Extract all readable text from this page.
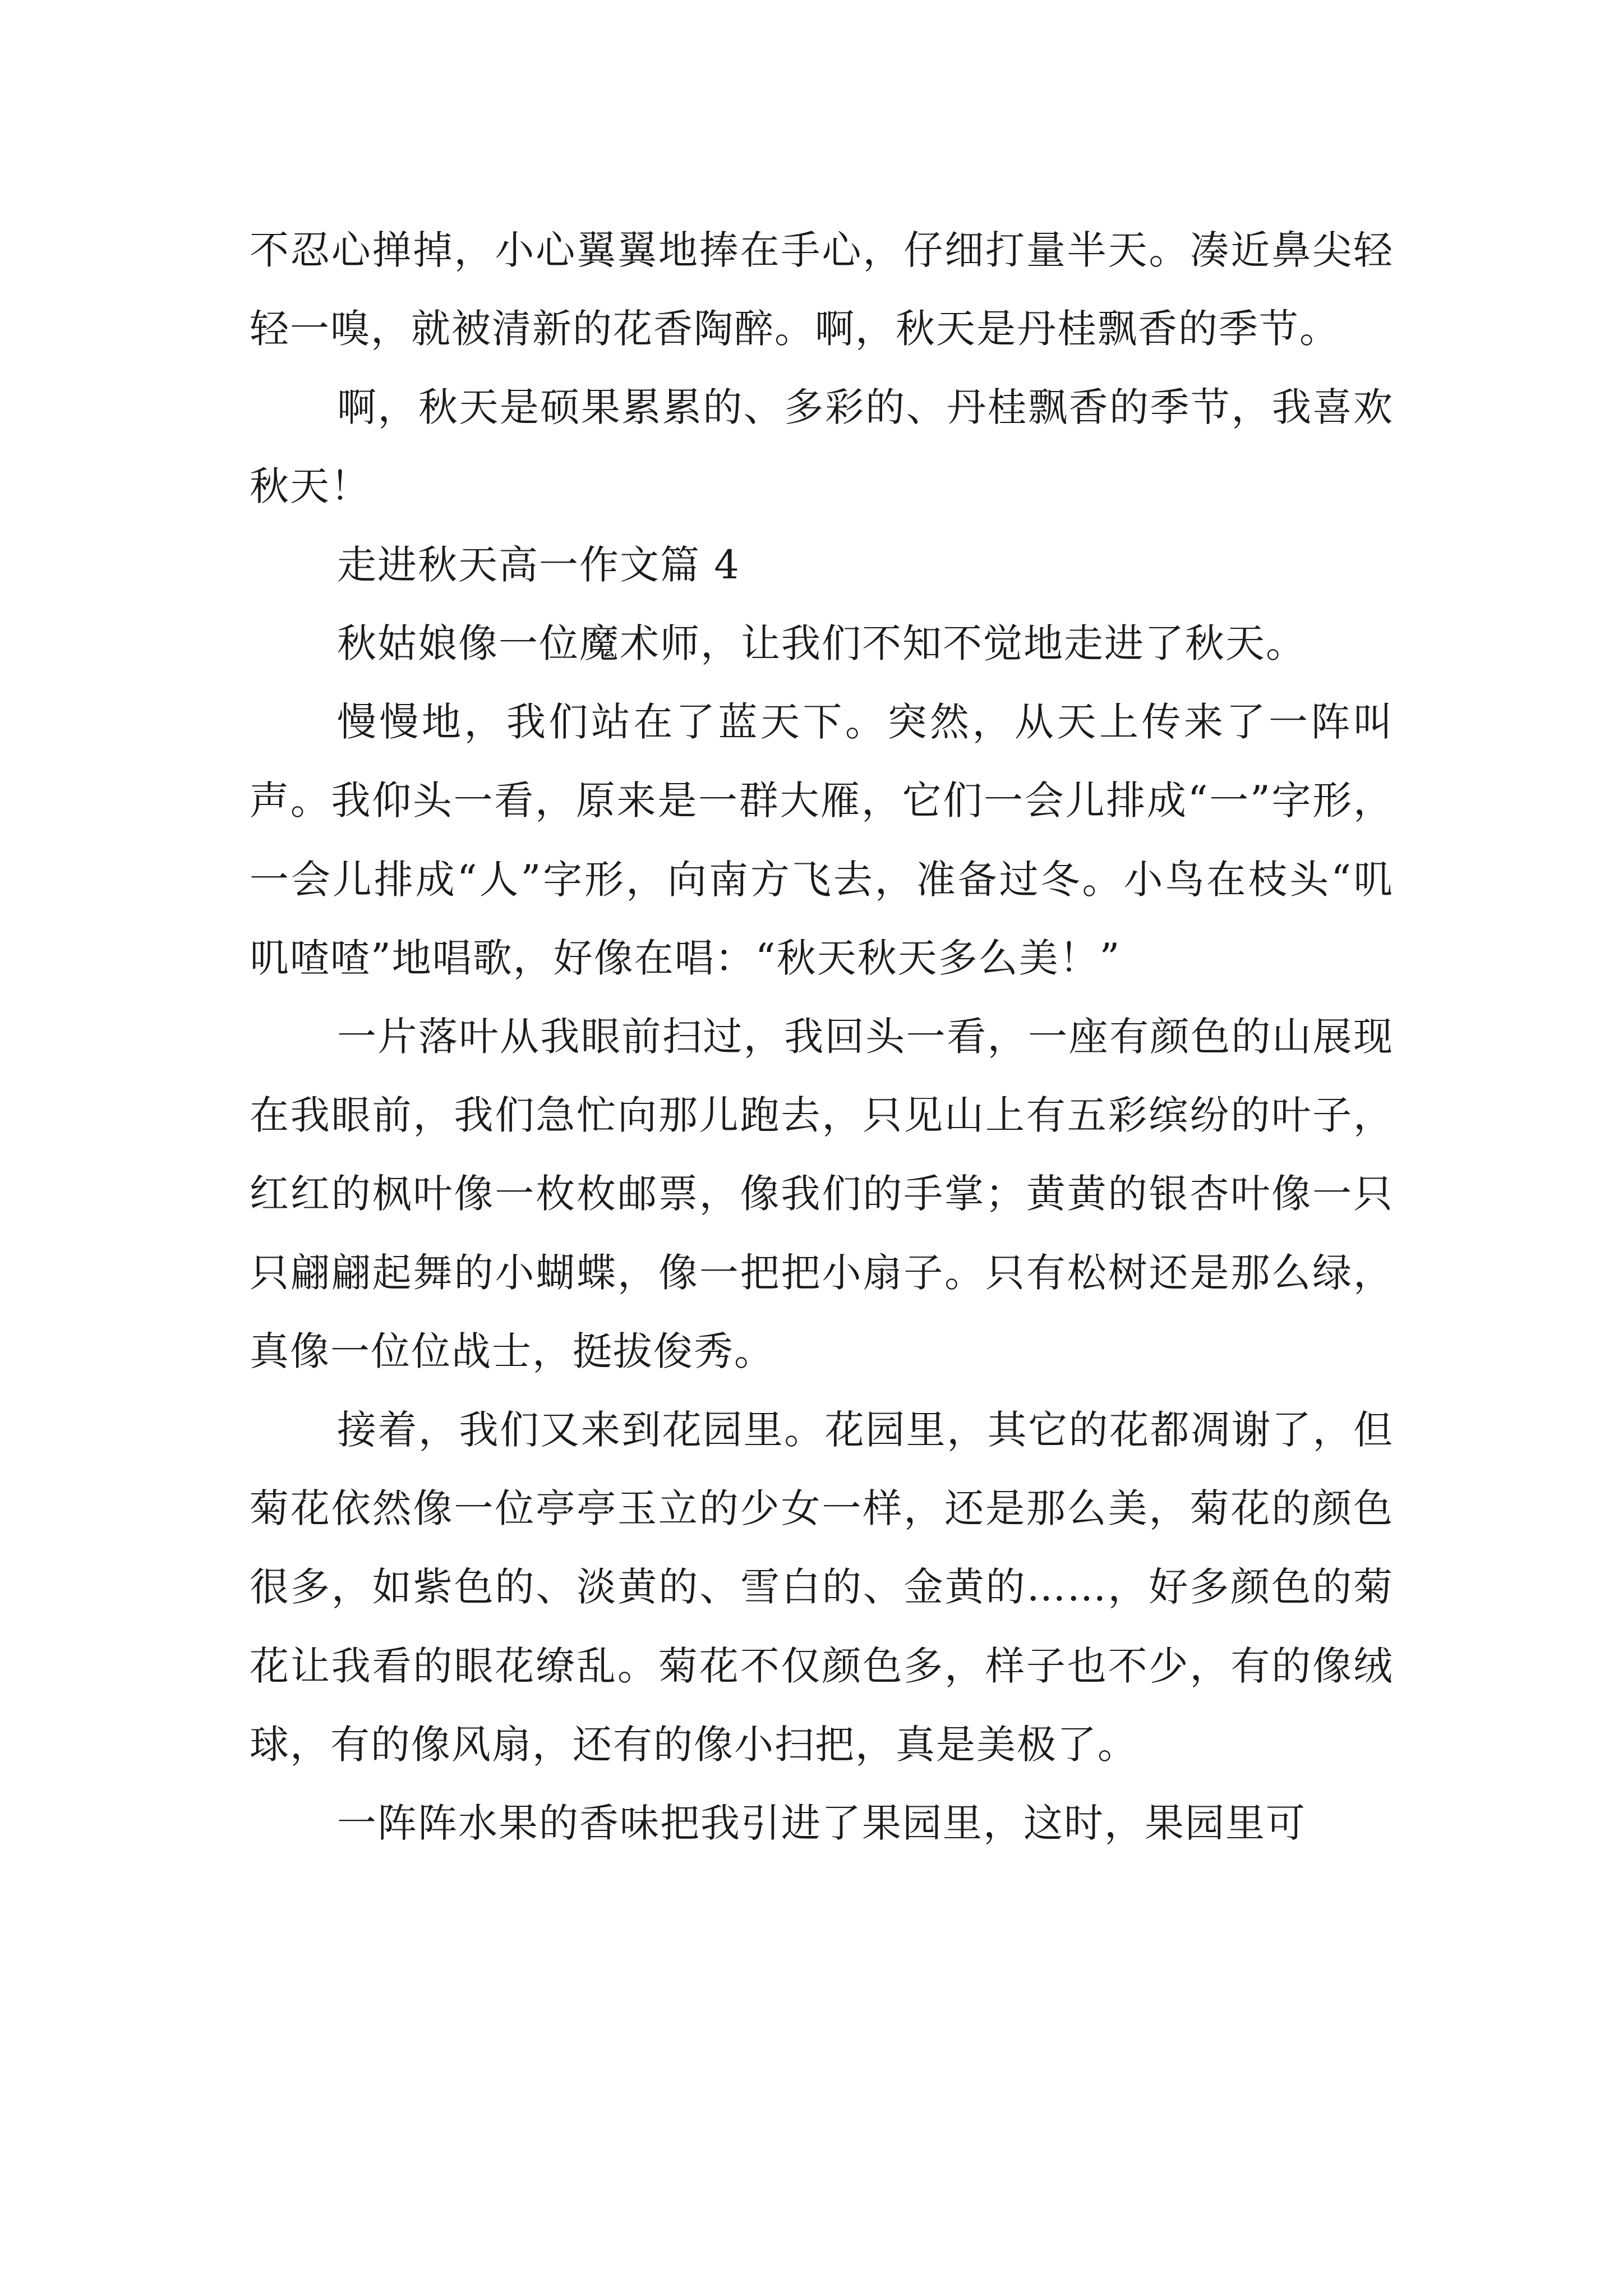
不忍心掸掉，小心翼翼地捧在手心，仔细打量半天。凑近鼻尖轻轻一嗅，就被清新的花香陶醉。啊，秋天是丹桂飘香的季节。

啊，秋天是硕果累累的、多彩的、丹桂飘香的季节，我喜欢秋天！

走进秋天高一作文篇 4

秋姑娘像一位魔术师，让我们不知不觉地走进了秋天。

慢慢地，我们站在了蓝天下。突然，从天上传来了一阵叫声。我仰头一看，原来是一群大雁，它们一会儿排成“一”字形，一会儿排成“人”字形，向南方飞去，准备过冬。小鸟在枝头“叽叽喳喳”地唱歌，好像在唱：“秋天秋天多么美！”

一片落叶从我眼前扫过，我回头一看，一座有颜色的山展现在我眼前，我们急忙向那儿跑去，只见山上有五彩缤纷的叶子，红红的枫叶像一枚枚邮票，像我们的手掌；黄黄的银杏叶像一只只翩翩起舞的小蝴蝶，像一把把小扇子。只有松树还是那么绿，真像一位位战士，挺拔俊秀。

接着，我们又来到花园里。花园里，其它的花都凋谢了，但菊花依然像一位亭亭玉立的少女一样，还是那么美，菊花的颜色很多，如紫色的、淡黄的、雪白的、金黄的……，好多颜色的菊花让我看的眼花缭乱。菊花不仅颜色多，样子也不少，有的像绒球，有的像风扇，还有的像小扫把，真是美极了。

一阵阵水果的香味把我引进了果园里，这时，果园里可
